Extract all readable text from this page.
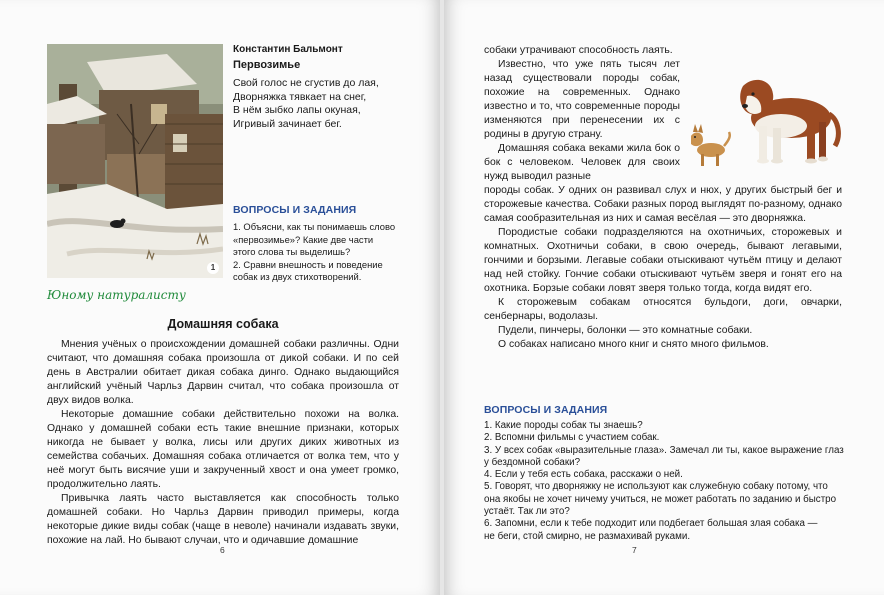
1
Константин Бальмонт
Первозимье
Свой голос не сгустив до лая,
Дворняжка тявкает на снег,
В нём зыбко лапы окуная,
Игривый зачинает бег.
ВОПРОСЫ И ЗАДАНИЯ
1. Объясни, как ты понимаешь слово
«первозимье»? Какие две части
этого слова ты выделишь?
2. Сравни внешность и поведение
собак из двух стихотворений.
Юному натуралисту
Домашняя собака

Мнения учёных о происхождении домашней собаки различны. Одни считают, что домашняя собака произошла от дикой собаки. И по сей день в Австралии обитает дикая собака динго. Однако выдающийся английский учёный Чарльз Дарвин считал, что собака произошла от двух видов волка.

Некоторые домашние собаки действительно похожи на волка. Однако у домашней собаки есть такие внешние признаки, которых никогда не бывает у волка, лисы или других диких животных из семейства собачьих. Домашняя собака отличается от волка тем, что у неё могут быть висячие уши и закрученный хвост и она умеет громко, продолжительно лаять.

Привычка лаять часто выставляется как способность только домашней собаки. Но Чарльз Дарвин приводил примеры, когда некоторые дикие виды собак (чаще в неволе) начинали издавать звуки, похожие на лай. Но бывают случаи, что и одичавшие домашние

6

собаки утрачивают способность лаять.

Известно, что уже пять тысяч лет назад существовали породы собак, похожие на современных. Однако известно и то, что современные породы изменяются при перенесении их с родины в другую страну.

Домашняя собака веками жила бок о бок с человеком. Человек для своих нужд выводил разные

породы собак. У одних он развивал слух и нюх, у других быстрый бег и сторожевые качества. Собаки разных пород выглядят по-разному, однако самая сообразительная из них и самая весёлая — это дворняжка.

Породистые собаки подразделяются на охотничьих, сторожевых и комнатных. Охотничьи собаки, в свою очередь, бывают легавыми, гончими и борзыми. Легавые собаки отыскивают чутьём птицу и делают над ней стойку. Гончие собаки отыскивают чутьём зверя и гонят его на охотника. Борзые собаки ловят зверя только тогда, когда видят его.

К сторожевым собакам относятся бульдоги, доги, овчарки, сенбернары, водолазы.

Пудели, пинчеры, болонки — это комнатные собаки.

О собаках написано много книг и снято много фильмов.

ВОПРОСЫ И ЗАДАНИЯ
1. Какие породы собак ты знаешь?
2. Вспомни фильмы с участием собак.
3. У всех собак «выразительные глаза». Замечал ли ты, какое выражение глаз
у бездомной собаки?
4. Если у тебя есть собака, расскажи о ней.
5. Говорят, что дворняжку не используют как служебную собаку потому, что
она якобы не хочет ничему учиться, не может работать по заданию и быстро
устаёт. Так ли это?
6. Запомни, если к тебе подходит или подбегает большая злая собака —
не беги, стой смирно, не размахивай руками.
7
